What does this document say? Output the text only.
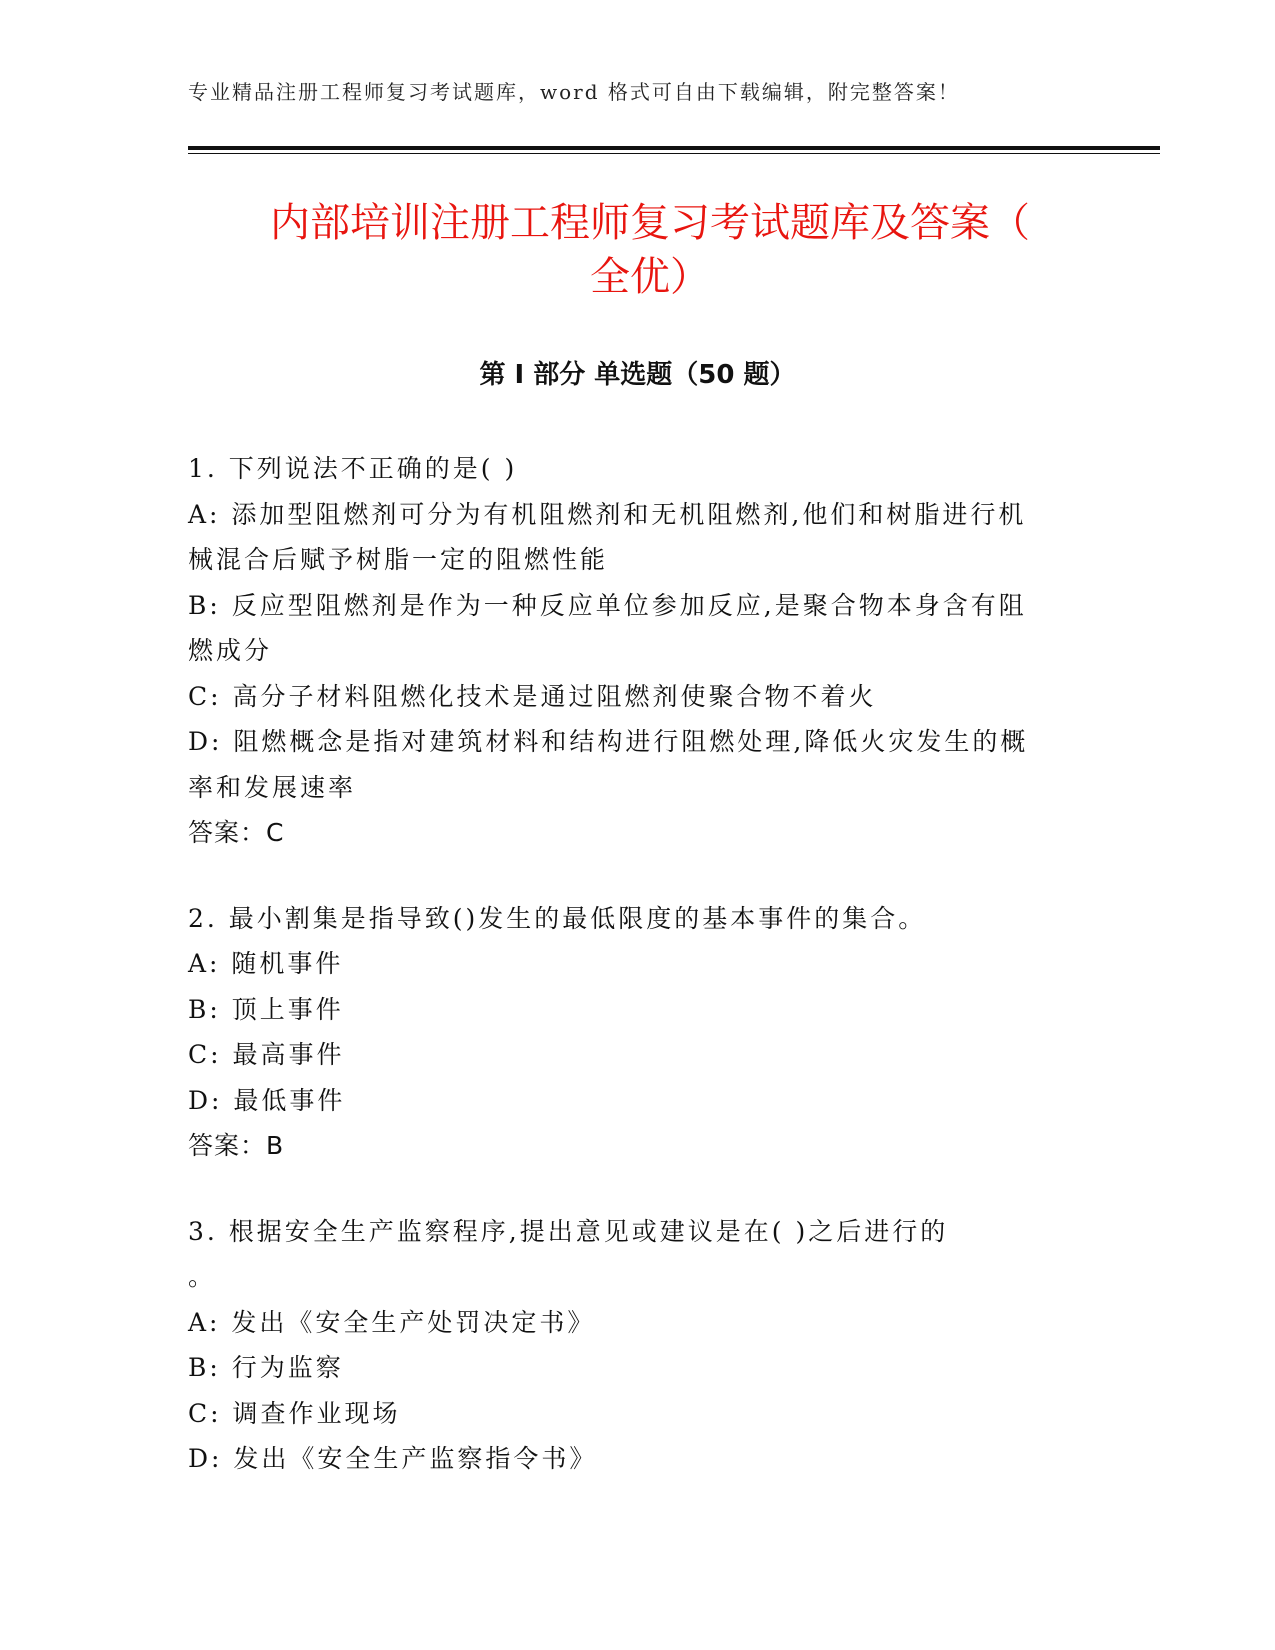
专业精品注册工程师复习考试题库，word 格式可自由下载编辑，附完整答案！
内部培训注册工程师复习考试题库及答案（
全优）
第 I 部分 单选题（50 题）

1. 下列说法不正确的是( )

A: 添加型阻燃剂可分为有机阻燃剂和无机阻燃剂,他们和树脂进行机

械混合后赋予树脂一定的阻燃性能

B: 反应型阻燃剂是作为一种反应单位参加反应,是聚合物本身含有阻

燃成分

C: 高分子材料阻燃化技术是通过阻燃剂使聚合物不着火

D: 阻燃概念是指对建筑材料和结构进行阻燃处理,降低火灾发生的概

率和发展速率

答案：C

2. 最小割集是指导致()发生的最低限度的基本事件的集合。

A: 随机事件

B: 顶上事件

C: 最高事件

D: 最低事件

答案：B

3. 根据安全生产监察程序,提出意见或建议是在( )之后进行的

。

A: 发出《安全生产处罚决定书》

B: 行为监察

C: 调查作业现场

D: 发出《安全生产监察指令书》
